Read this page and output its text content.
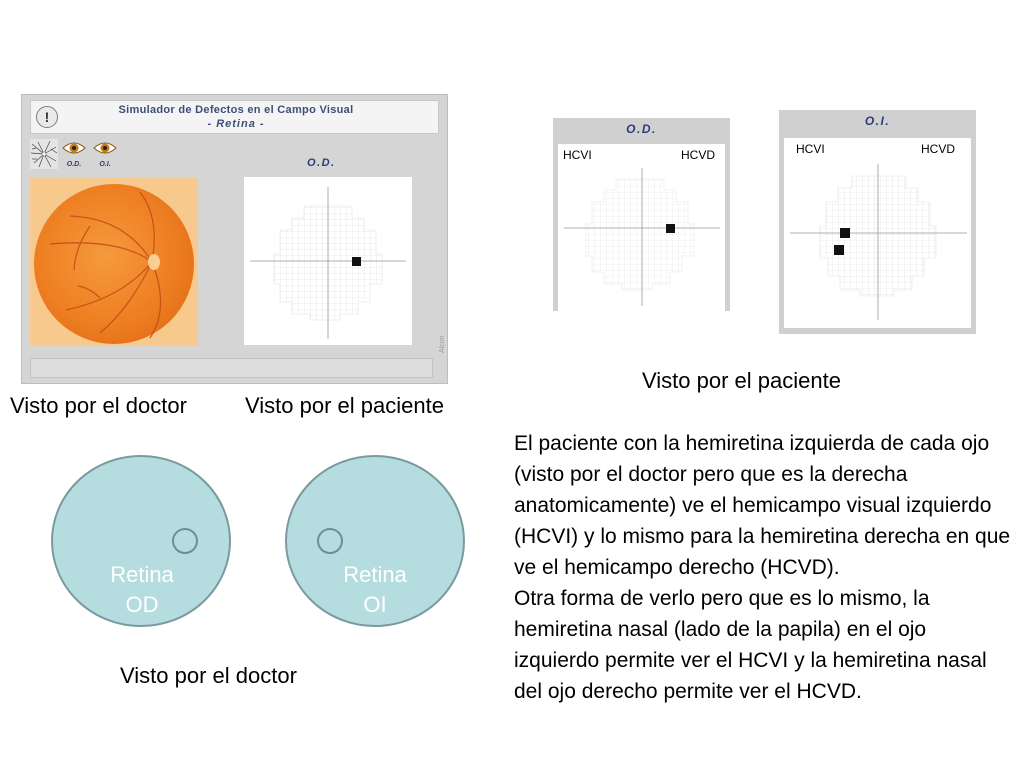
!	Simulador de Defectos en el Campo Visual
- Retina -
O.D.	O.I.	O.D.
Alcon
Visto por el doctor	Visto por el paciente
Visto por el paciente
Visto por el doctor
O.D.
HCVI	HCVD
O.I.
HCVI	HCVD
Retina
OD
Retina
OI

El paciente con la hemiretina izquierda de cada ojo (visto por el doctor pero que es la derecha anatomicamente) ve el hemicampo visual izquierdo (HCVI) y lo mismo para la hemiretina derecha en que ve el hemicampo derecho (HCVD).

Otra forma de verlo pero que es lo mismo, la hemiretina nasal (lado de la papila) en el ojo izquierdo permite ver el HCVI y la hemiretina nasal del ojo derecho permite ver el HCVD.
